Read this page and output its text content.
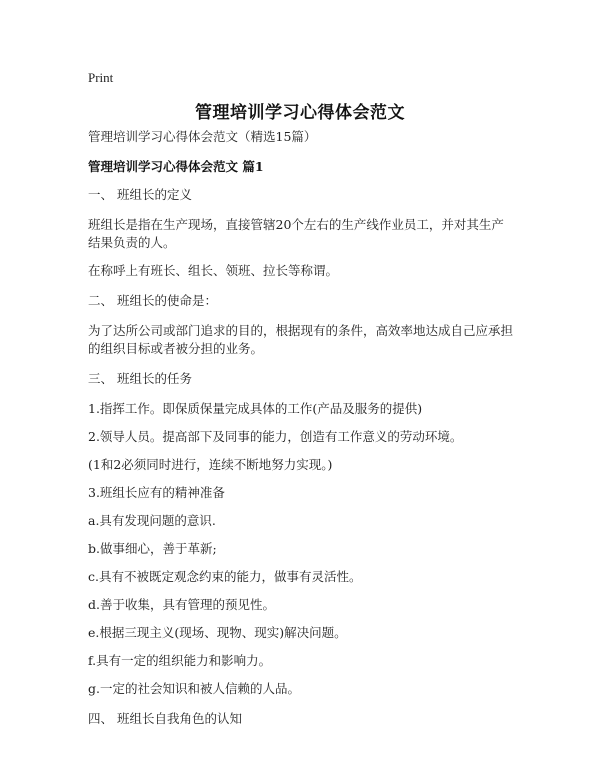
Print
管理培训学习心得体会范文

管理培训学习心得体会范文（精选15篇）

管理培训学习心得体会范文 篇1

一、 班组长的定义

班组长是指在生产现场，直接管辖20个左右的生产线作业员工，并对其生产结果负责的人。

在称呼上有班长、组长、领班、拉长等称谓。

二、 班组长的使命是：

为了达所公司或部门追求的目的，根据现有的条件，高效率地达成自己应承担的组织目标或者被分担的业务。

三、 班组长的任务

1.指挥工作。即保质保量完成具体的工作(产品及服务的提供)

2.领导人员。提高部下及同事的能力，创造有工作意义的劳动环境。

(1和2必须同时进行，连续不断地努力实现。)

3.班组长应有的精神准备

a.具有发现问题的意识.

b.做事细心，善于革新;

c.具有不被既定观念约束的能力，做事有灵活性。

d.善于收集，具有管理的预见性。

e.根据三现主义(现场、现物、现实)解决问题。

f.具有一定的组织能力和影响力。

g.一定的社会知识和被人信赖的人品。

四、 班组长自我角色的认知
